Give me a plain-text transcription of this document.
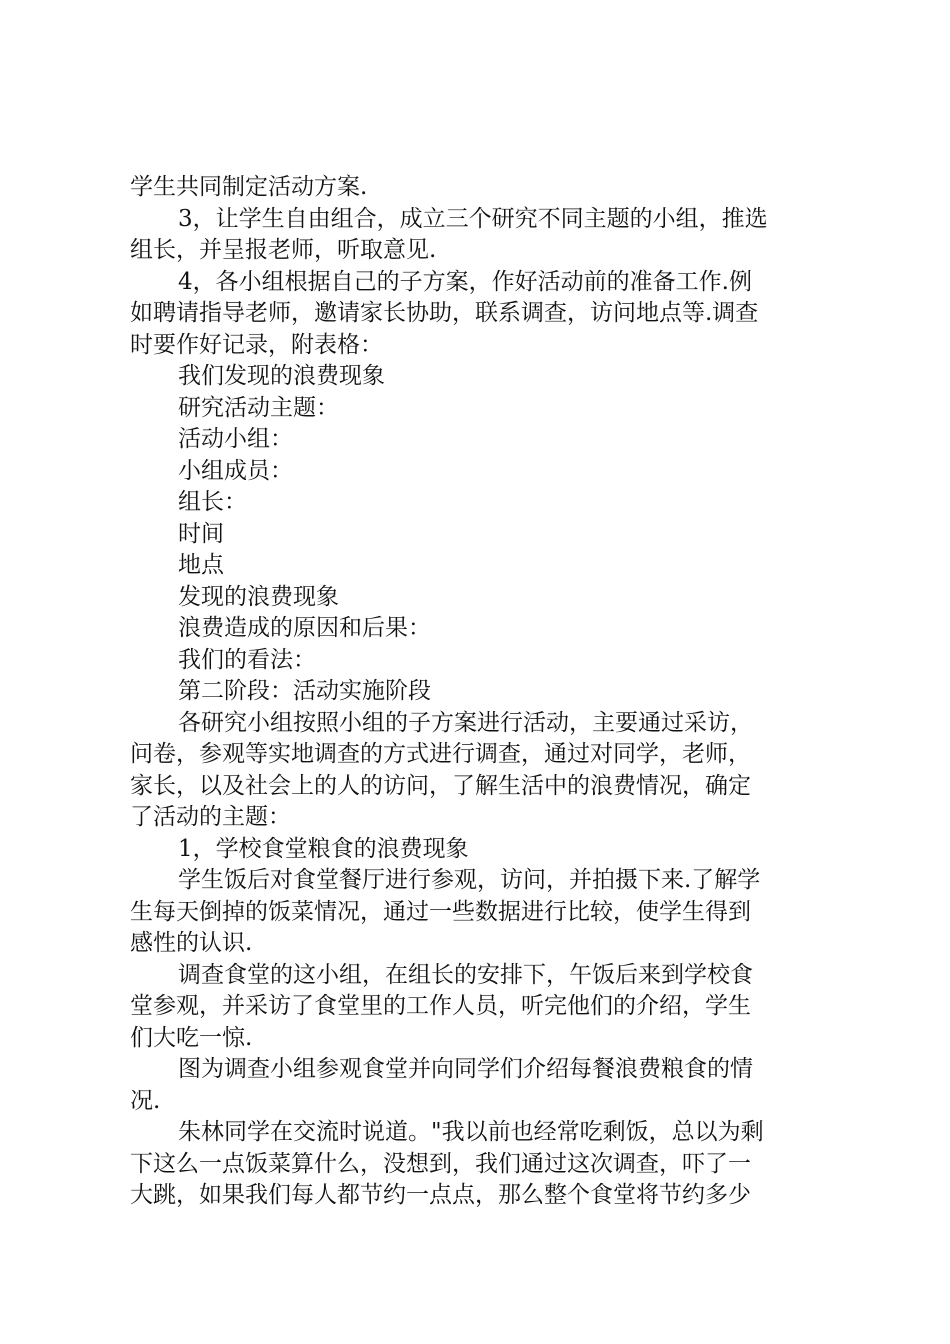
学生共同制定活动方案.
3，让学生自由组合，成立三个研究不同主题的小组，推选
组长，并呈报老师，听取意见.
4，各小组根据自己的子方案，作好活动前的准备工作.例
如聘请指导老师，邀请家长协助，联系调查，访问地点等.调查
时要作好记录，附表格：
我们发现的浪费现象
研究活动主题：
活动小组：
小组成员：
组长：
时间
地点
发现的浪费现象
浪费造成的原因和后果：
我们的看法：
第二阶段：活动实施阶段
各研究小组按照小组的子方案进行活动，主要通过采访，
问卷，参观等实地调查的方式进行调查，通过对同学，老师，
家长，以及社会上的人的访问，了解生活中的浪费情况，确定
了活动的主题：
1，学校食堂粮食的浪费现象
学生饭后对食堂餐厅进行参观，访问，并拍摄下来.了解学
生每天倒掉的饭菜情况，通过一些数据进行比较，使学生得到
感性的认识.
调查食堂的这小组，在组长的安排下，午饭后来到学校食
堂参观，并采访了食堂里的工作人员，听完他们的介绍，学生
们大吃一惊.
图为调查小组参观食堂并向同学们介绍每餐浪费粮食的情
况.
朱林同学在交流时说道。"我以前也经常吃剩饭，总以为剩
下这么一点饭菜算什么，没想到，我们通过这次调查，吓了一
大跳，如果我们每人都节约一点点，那么整个食堂将节约多少
